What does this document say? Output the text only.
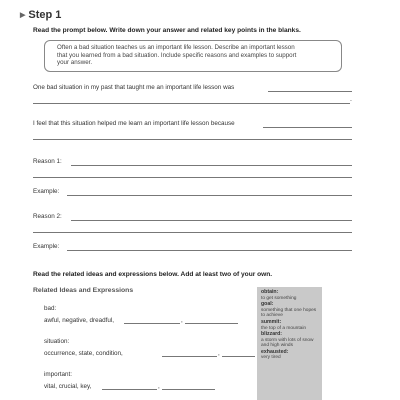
▶ Step 1
Read the prompt below. Write down your answer and related key points in the blanks.
Often a bad situation teaches us an important life lesson. Describe an important lesson
that you learned from a bad situation. Include specific reasons and examples to support
your answer.
One bad situation in my past that taught me an important life lesson was
.
I feel that this situation helped me learn an important life lesson because
Reason 1:
Example:
Reason 2:
Example:
Read the related ideas and expressions below. Add at least two of your own.
Related Ideas and Expressions
bad:
awful, negative, dreadful,	,
situation:
occurrence, state, condition,	,
important:
vital, crucial, key,	,
obtain:
to get something
goal:
something that one hopes to achieve
summit:
the top of a mountain
blizzard:
a storm with lots of snow and high winds
exhausted:
very tired
